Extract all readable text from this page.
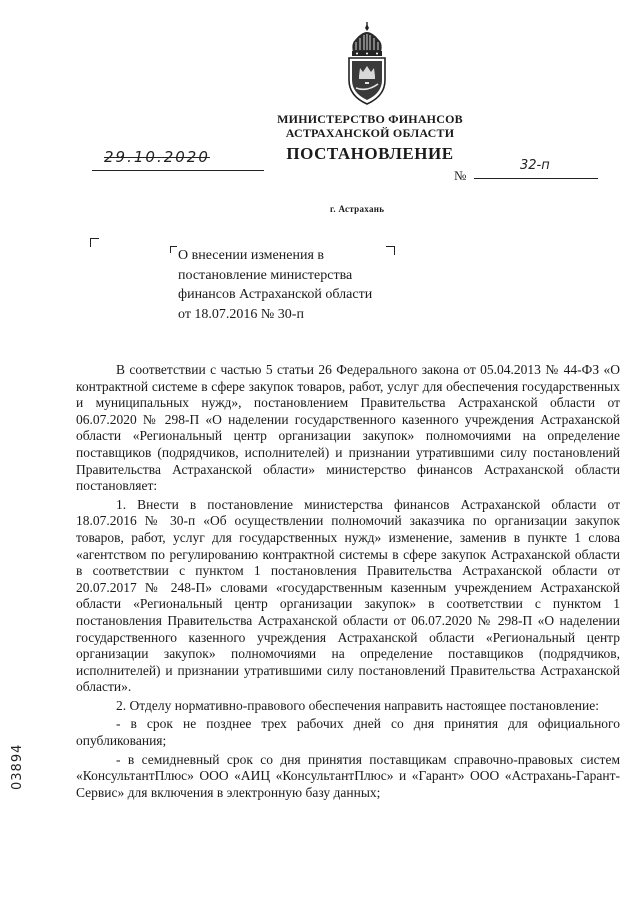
МИНИСТЕРСТВО ФИНАНСОВ
АСТРАХАНСКОЙ ОБЛАСТИ
ПОСТАНОВЛЕНИЕ
29.10.2020
№
32-п
г. Астрахань
О внесении изменения в
постановление министерства
финансов Астраханской области
от 18.07.2016 № 30-п

В соответствии с частью 5 статьи 26 Федерального закона от 05.04.2013 № 44-ФЗ «О контрактной системе в сфере закупок товаров, работ, услуг для обеспечения государственных и муниципальных нужд», постановлением Правительства Астраханской области от 06.07.2020 № 298-П «О наделении государственного казенного учреждения Астраханской области «Региональный центр организации закупок» полномочиями на определение поставщиков (подрядчиков, исполнителей) и признании утратившими силу постановлений Правительства Астраханской области» министерство финансов Астраханской области постановляет:

1. Внести в постановление министерства финансов Астраханской области от 18.07.2016 № 30-п «Об осуществлении полномочий заказчика по организации закупок товаров, работ, услуг для государственных нужд» изменение, заменив в пункте 1 слова «агентством по регулированию контрактной системы в сфере закупок Астраханской области в соответствии с пунктом 1 постановления Правительства Астраханской области от 20.07.2017 № 248-П» словами «государственным казенным учреждением Астраханской области «Региональный центр организации закупок» в соответствии с пунктом 1 постановления Правительства Астраханской области от 06.07.2020 № 298-П «О наделении государственного казенного учреждения Астраханской области «Региональный центр организации закупок» полномочиями на определение поставщиков (подрядчиков, исполнителей) и признании утратившими силу постановлений Правительства Астраханской области».

2. Отделу нормативно-правового обеспечения направить настоящее постановление:

- в срок не позднее трех рабочих дней со дня принятия для официального опубликования;

- в семидневный срок со дня принятия поставщикам справочно-правовых систем «КонсультантПлюс» ООО «АИЦ «КонсультантПлюс» и «Гарант» ООО «Астрахань-Гарант-Сервис» для включения в электронную базу данных;

03894
